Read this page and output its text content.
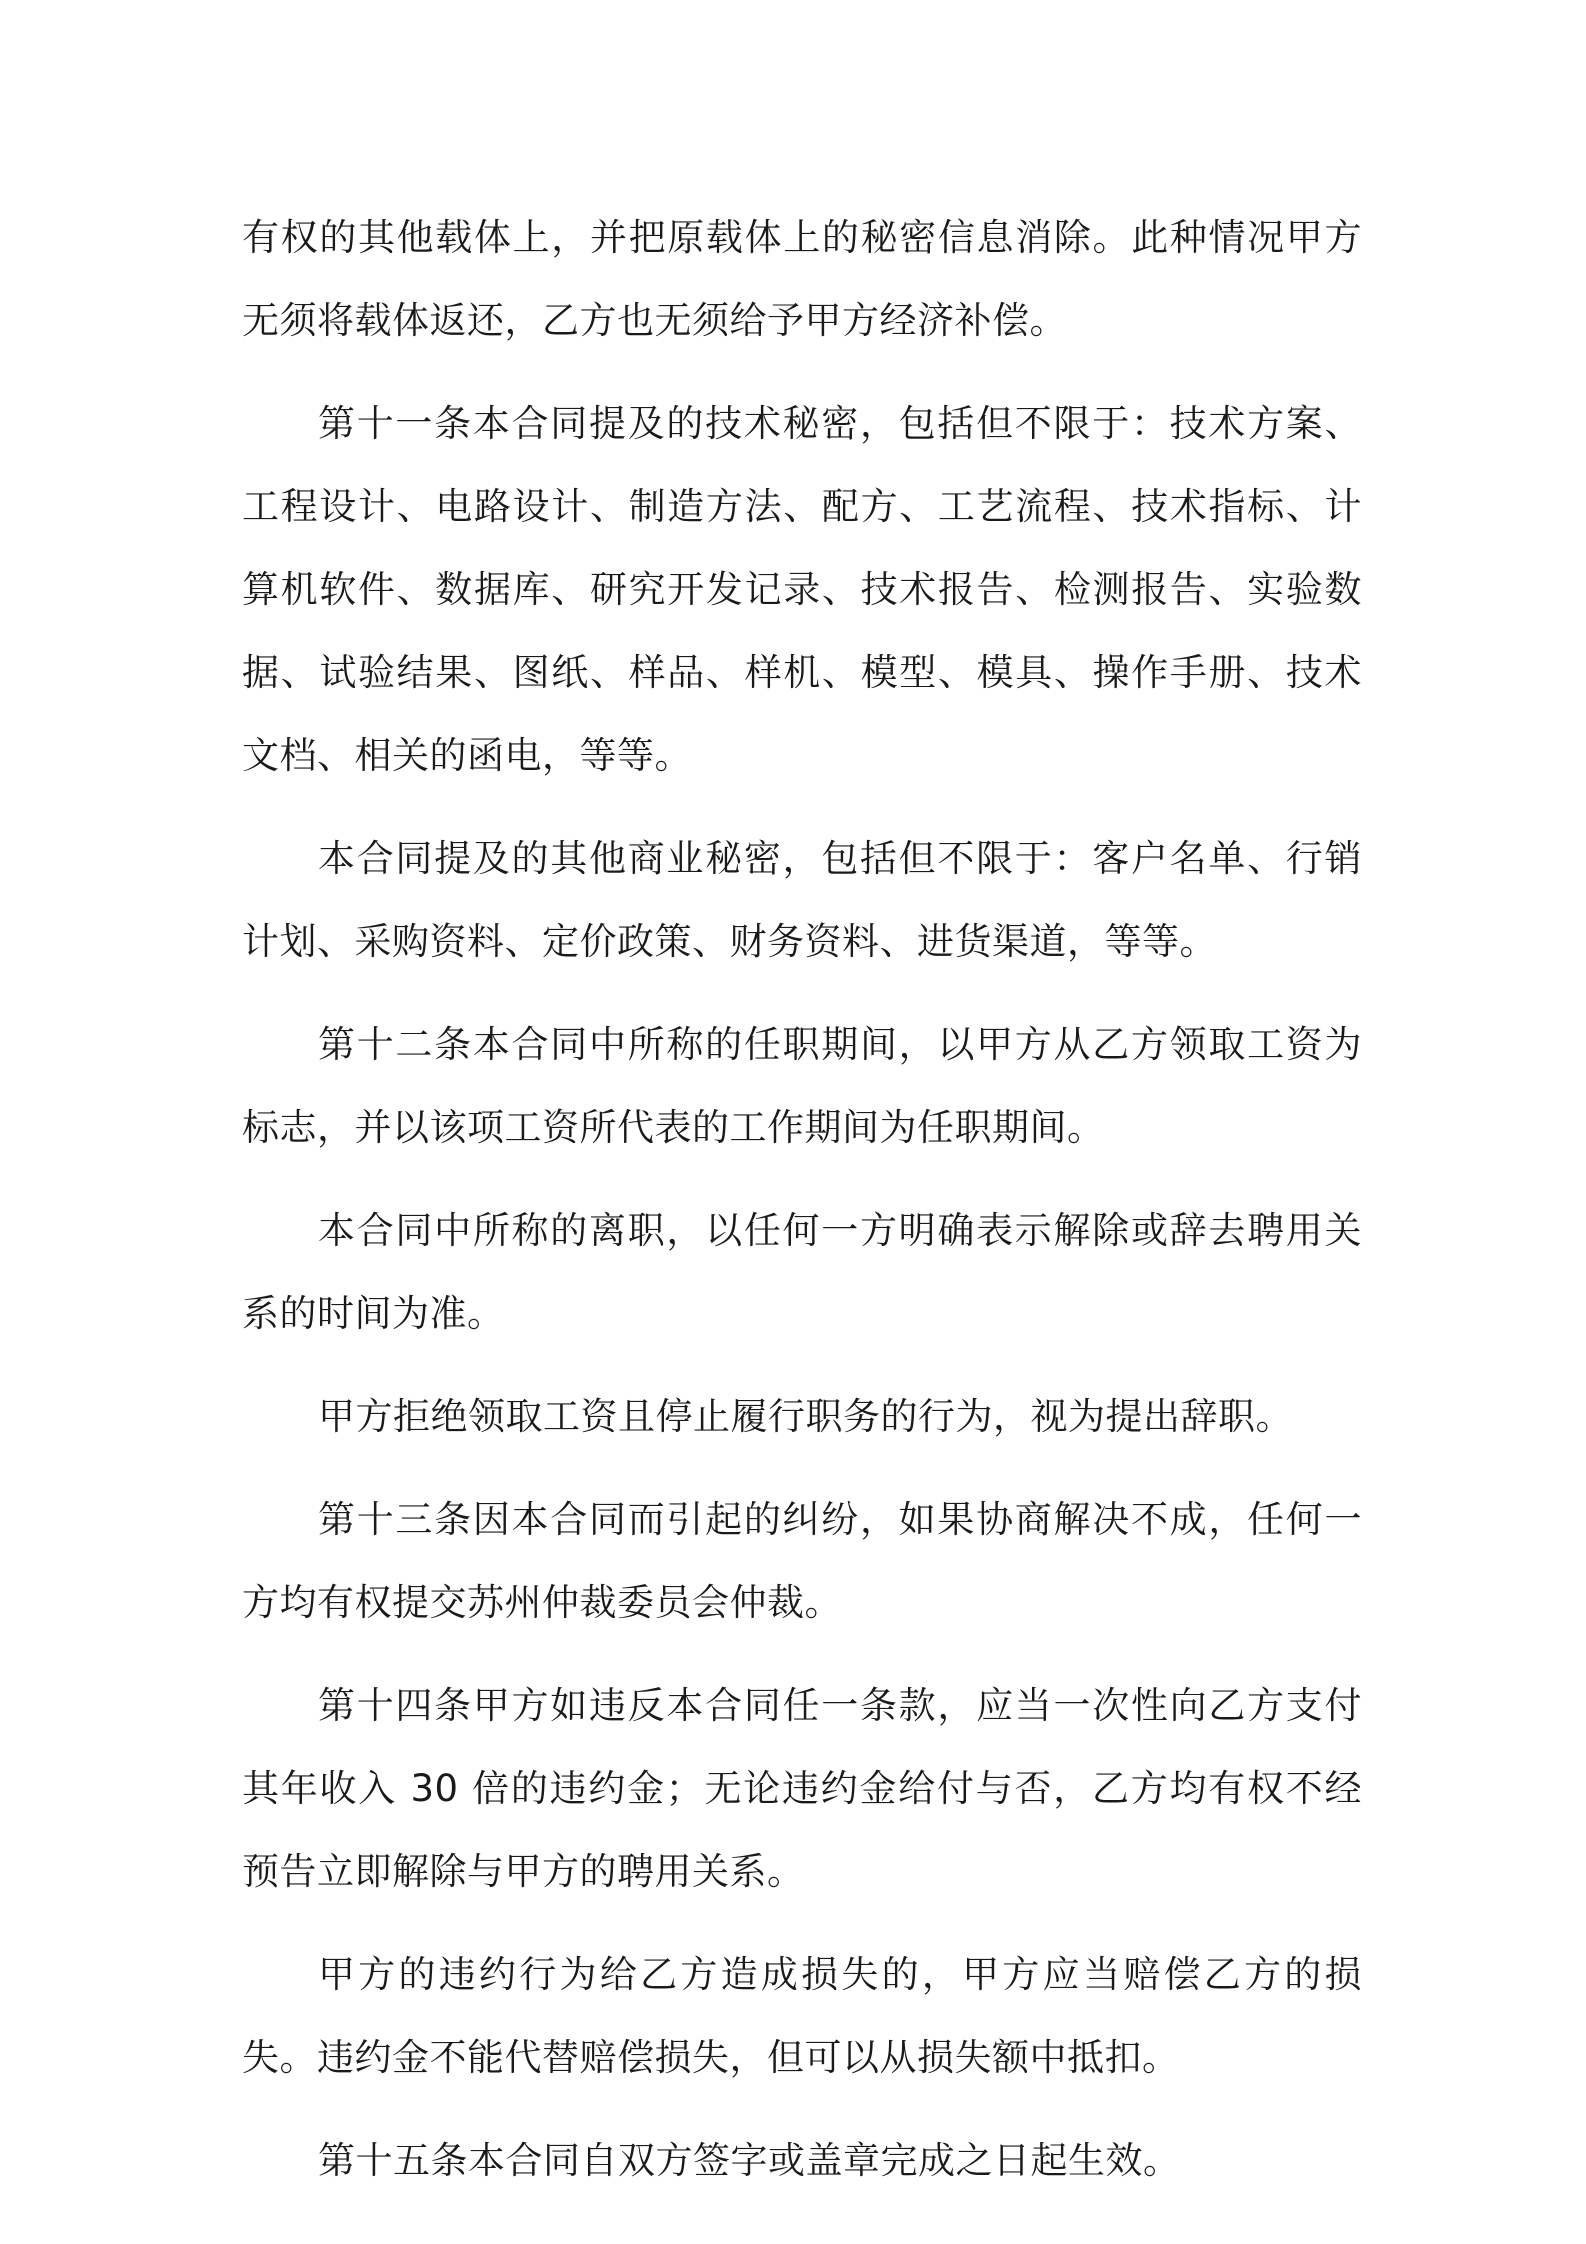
有权的其他载体上，并把原载体上的秘密信息消除。此种情况甲方无须将载体返还，乙方也无须给予甲方经济补偿。

第十一条本合同提及的技术秘密，包括但不限于：技术方案、工程设计、电路设计、制造方法、配方、工艺流程、技术指标、计算机软件、数据库、研究开发记录、技术报告、检测报告、实验数据、试验结果、图纸、样品、样机、模型、模具、操作手册、技术文档、相关的函电，等等。

本合同提及的其他商业秘密，包括但不限于：客户名单、行销计划、采购资料、定价政策、财务资料、进货渠道，等等。

第十二条本合同中所称的任职期间，以甲方从乙方领取工资为标志，并以该项工资所代表的工作期间为任职期间。

本合同中所称的离职，以任何一方明确表示解除或辞去聘用关系的时间为准。

甲方拒绝领取工资且停止履行职务的行为，视为提出辞职。

第十三条因本合同而引起的纠纷，如果协商解决不成，任何一方均有权提交苏州仲裁委员会仲裁。

第十四条甲方如违反本合同任一条款，应当一次性向乙方支付其年收入 30 倍的违约金；无论违约金给付与否，乙方均有权不经预告立即解除与甲方的聘用关系。

甲方的违约行为给乙方造成损失的，甲方应当赔偿乙方的损失。违约金不能代替赔偿损失，但可以从损失额中抵扣。

第十五条本合同自双方签字或盖章完成之日起生效。
